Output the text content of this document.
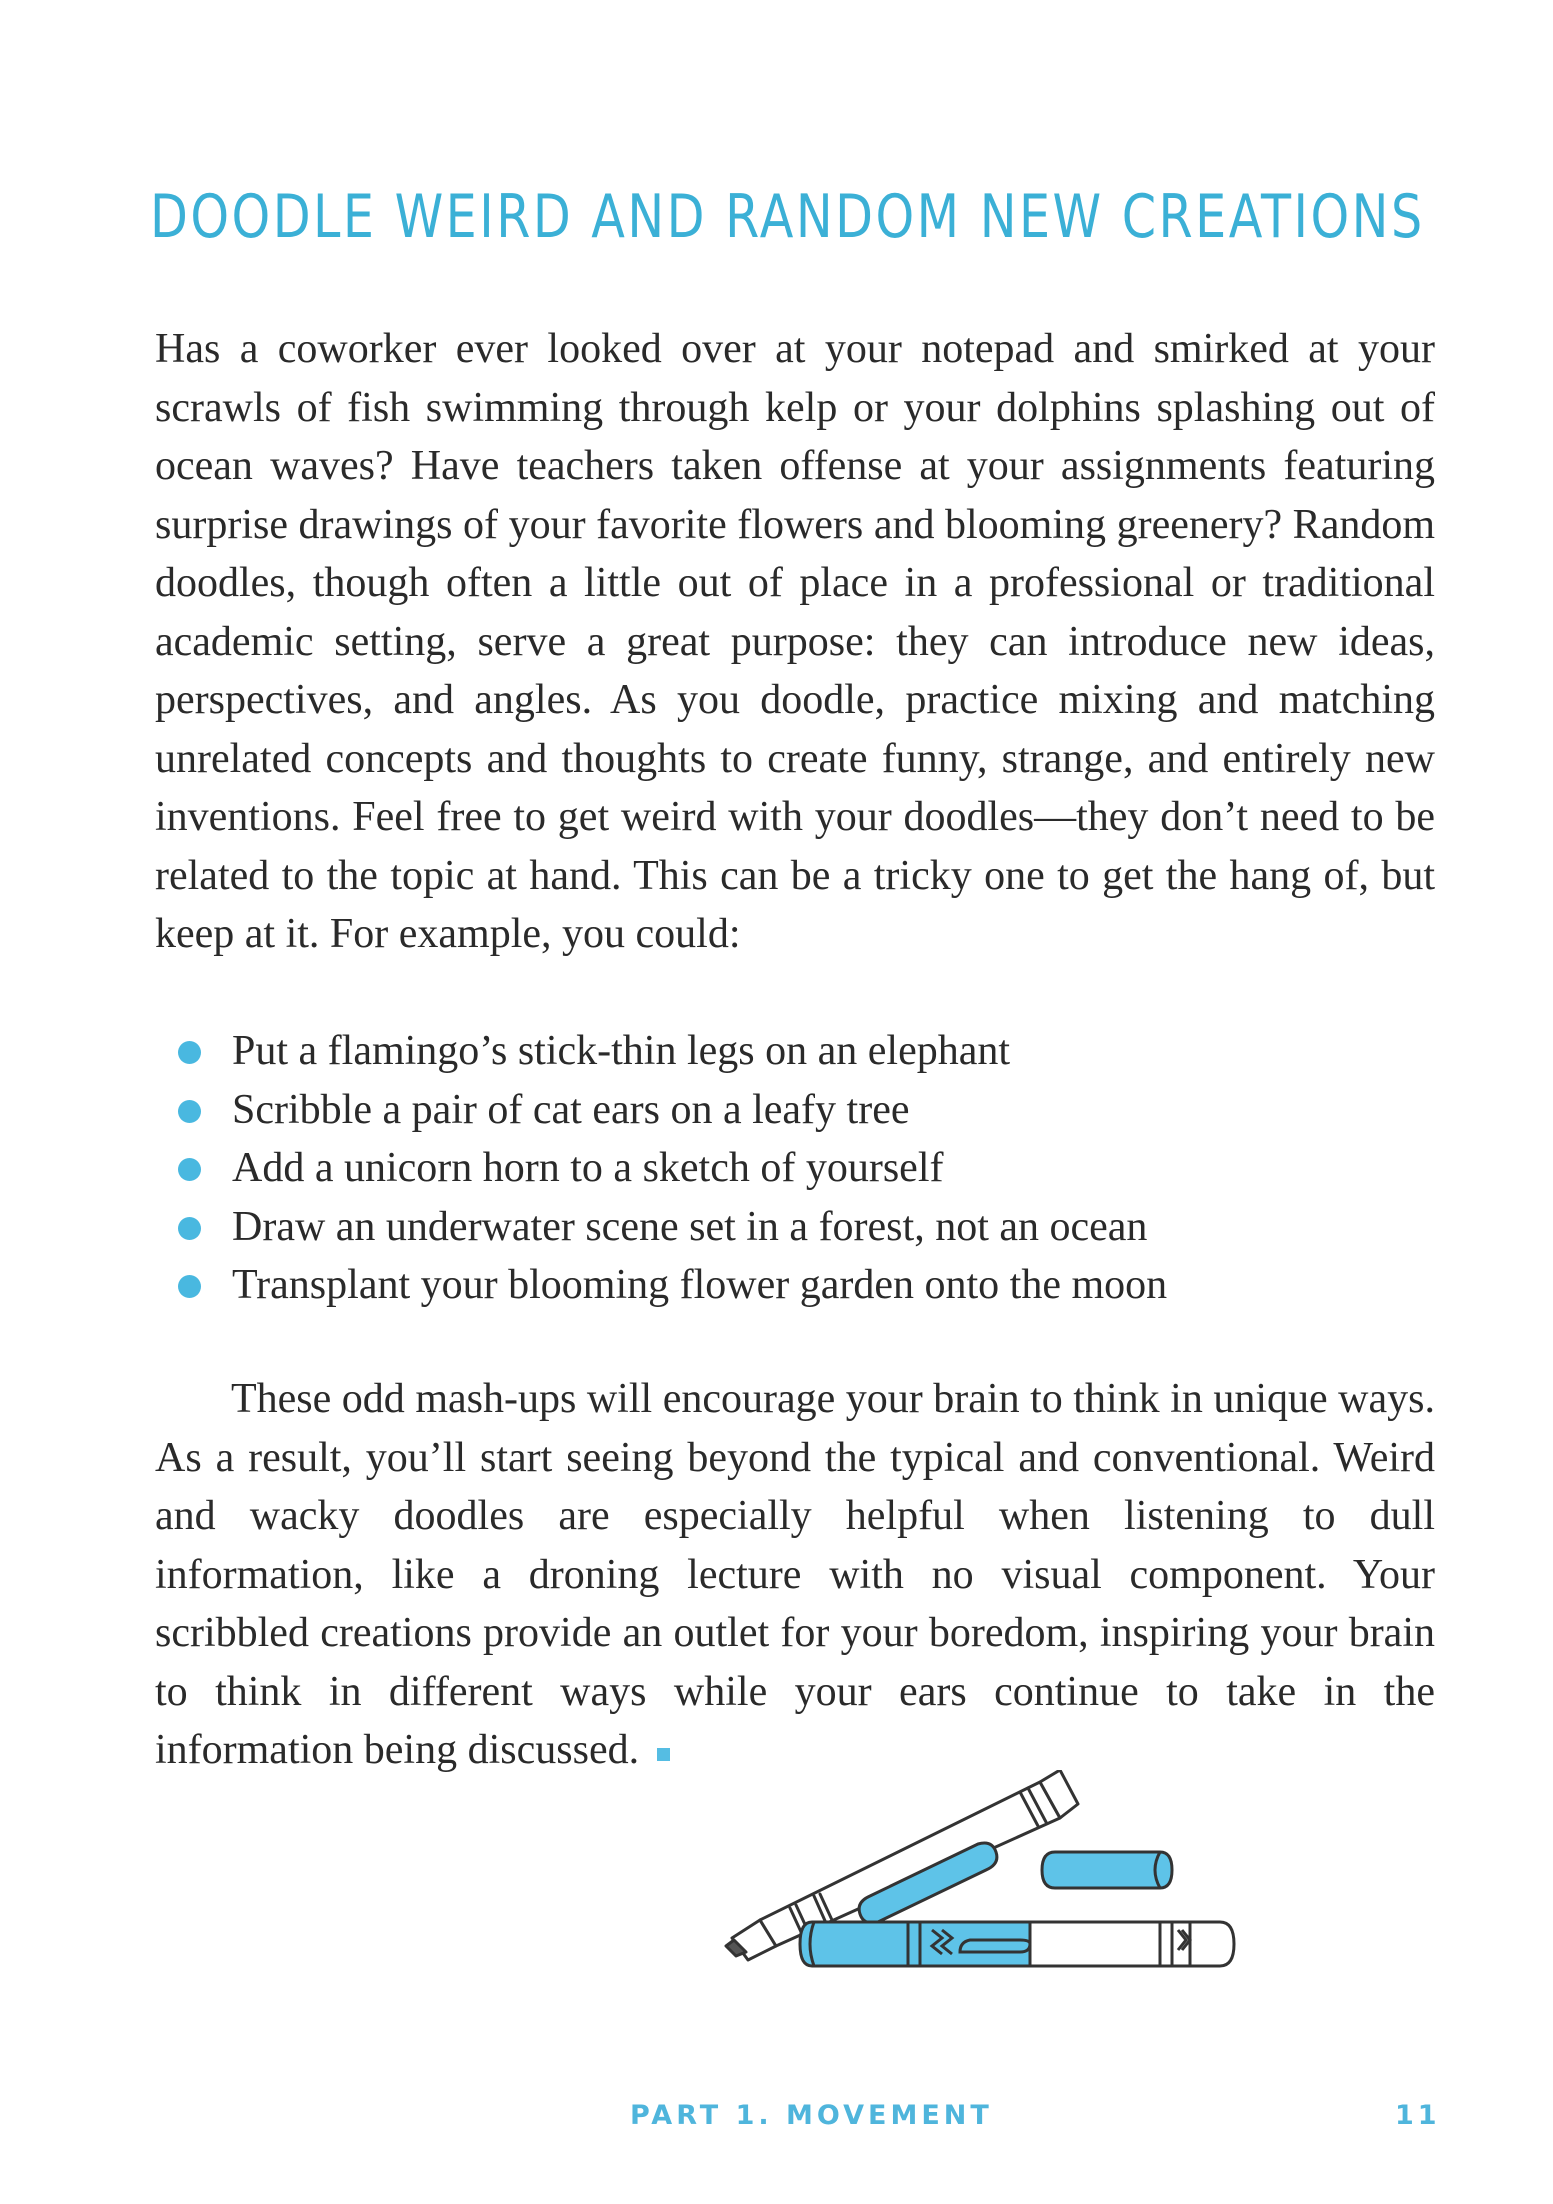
DOODLE WEIRD AND RANDOM NEW CREATIONS

Has a coworker ever looked over at your notepad and smirked at your scrawls of fish swimming through kelp or your dolphins splashing out of ocean waves? Have teachers taken offense at your assignments featuring surprise drawings of your favorite flowers and blooming greenery? Random doodles, though often a little out of place in a professional or traditional academic setting, serve a great purpose: they can introduce new ideas, perspectives, and angles. As you doodle, practice mixing and matching unrelated concepts and thoughts to create funny, strange, and entirely new inventions. Feel free to get weird with your doodles—they don’t need to be related to the topic at hand. This can be a tricky one to get the hang of, but keep at it. For example, you could:

Put a flamingo’s stick-thin legs on an elephant
Scribble a pair of cat ears on a leafy tree
Add a unicorn horn to a sketch of yourself
Draw an underwater scene set in a forest, not an ocean
Transplant your blooming flower garden onto the moon

These odd mash-ups will encourage your brain to think in unique ways. As a result, you’ll start seeing beyond the typical and conventional. Weird and wacky doodles are especially helpful when listening to dull information, like a droning lecture with no visual component. Your scribbled creations provide an outlet for your boredom, inspiring your brain to think in different ways while your ears continue to take in the information being discussed.

PART 1. MOVEMENT	11
